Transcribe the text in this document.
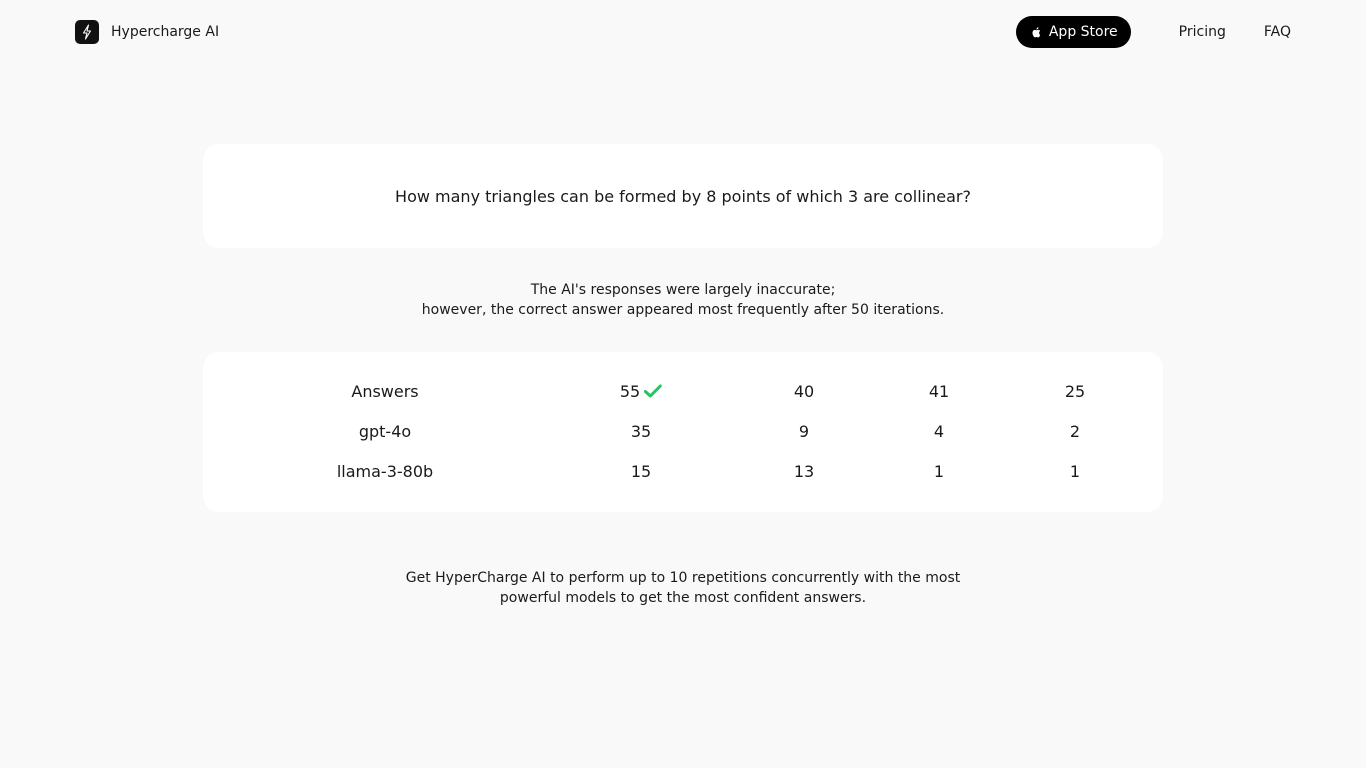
Hypercharge AI	App Store	Pricing	FAQ
How many triangles can be formed by 8 points of which 3 are collinear?
The AI's responses were largely inaccurate;
however, the correct answer appeared most frequently after 50 iterations.
Answers	55	40	41	25
gpt-4o	35	9	4	2
llama-3-80b	15	13	1	1
Get HyperCharge AI to perform up to 10 repetitions concurrently with the most powerful models to get the most confident answers.
